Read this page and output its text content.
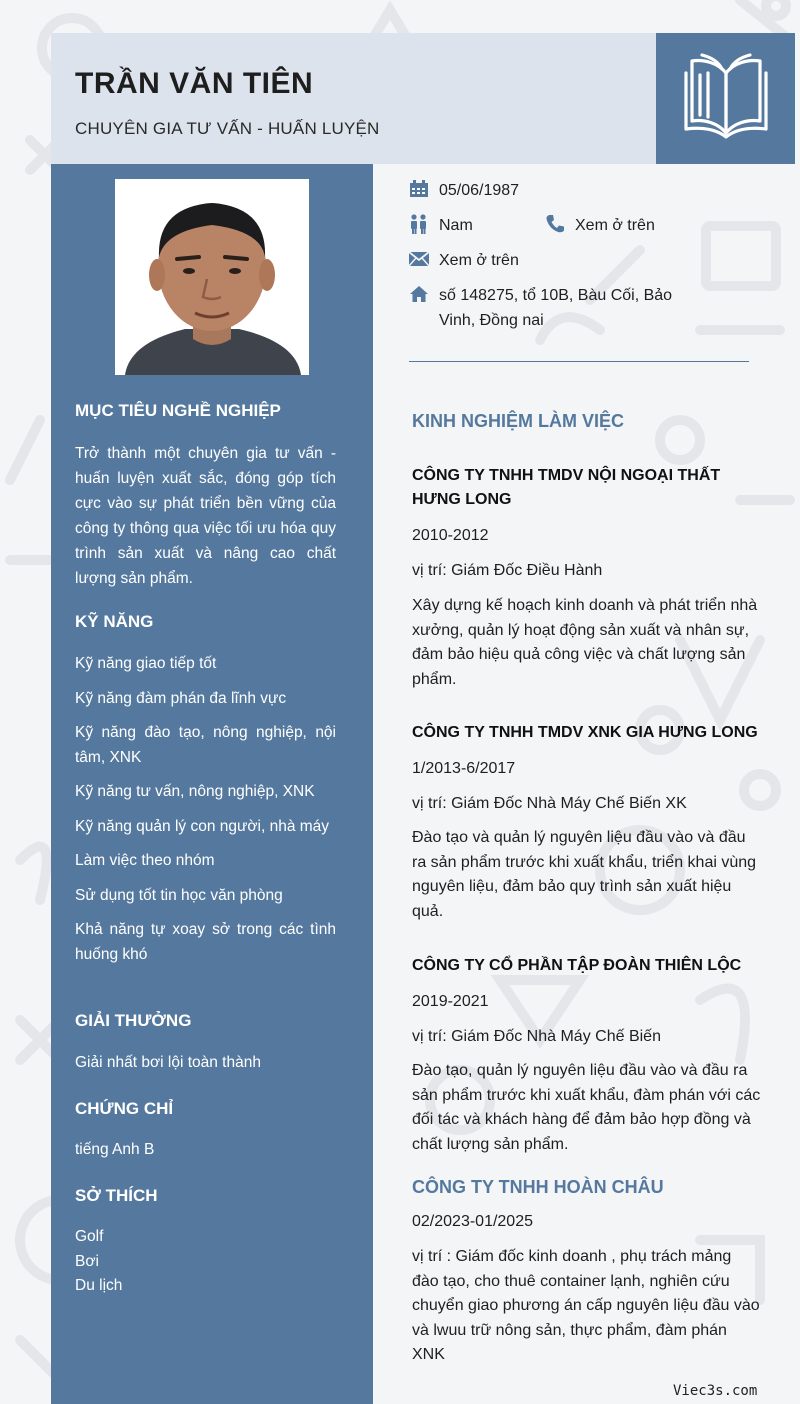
TRẦN VĂN TIÊN
CHUYÊN GIA TƯ VẤN - HUẤN LUYỆN
MỤC TIÊU NGHỀ NGHIỆP

Trở thành một chuyên gia tư vấn - huấn luyện xuất sắc, đóng góp tích cực vào sự phát triển bền vững của công ty thông qua việc tối ưu hóa quy trình sản xuất và nâng cao chất lượng sản phẩm.

KỸ NĂNG
Kỹ năng giao tiếp tốt
Kỹ năng đàm phán đa lĩnh vực
Kỹ năng đào tạo, nông nghiệp, nội tâm, XNK
Kỹ năng tư vấn, nông nghiệp, XNK
Kỹ năng quản lý con người, nhà máy
Làm việc theo nhóm
Sử dụng tốt tin học văn phòng
Khả năng tự xoay sở trong các tình huống khó
GIẢI THƯỞNG
Giải nhất bơi lội toàn thành
CHỨNG CHỈ
tiếng Anh B
SỞ THÍCH
Golf
Bơi
Du lịch
05/06/1987
Nam	Xem ở trên
Xem ở trên
số 148275, tổ 10B, Bàu Cối, Bảo
Vinh, Đồng nai
KINH NGHIỆM LÀM VIỆC
CÔNG TY TNHH TMDV NỘI NGOẠI THẤT HƯNG LONG
2010-2012
vị trí: Giám Đốc Điều Hành
Xây dựng kế hoạch kinh doanh và phát triển nhà xưởng, quản lý hoạt động sản xuất và nhân sự, đảm bảo hiệu quả công việc và chất lượng sản phẩm.
CÔNG TY TNHH TMDV XNK GIA HƯNG LONG
1/2013-6/2017
vị trí: Giám Đốc Nhà Máy Chế Biến XK
Đào tạo và quản lý nguyên liệu đầu vào và đầu ra sản phẩm trước khi xuất khẩu, triển khai vùng nguyên liệu, đảm bảo quy trình sản xuất hiệu quả.
CÔNG TY CỔ PHẦN TẬP ĐOÀN THIÊN LỘC
2019-2021
vị trí: Giám Đốc Nhà Máy Chế Biến
Đào tạo, quản lý nguyên liệu đầu vào và đầu ra sản phẩm trước khi xuất khẩu, đàm phán với các đối tác và khách hàng để đảm bảo hợp đồng và chất lượng sản phẩm.
CÔNG TY TNHH HOÀN CHÂU
02/2023-01/2025
vị trí : Giám đốc kinh doanh , phụ trách mảng đào tạo, cho thuê container lạnh, nghiên cứu chuyển giao phương án cấp nguyên liệu đầu vào và lwuu trữ nông sản, thực phẩm, đàm phán XNK
Viec3s.com
